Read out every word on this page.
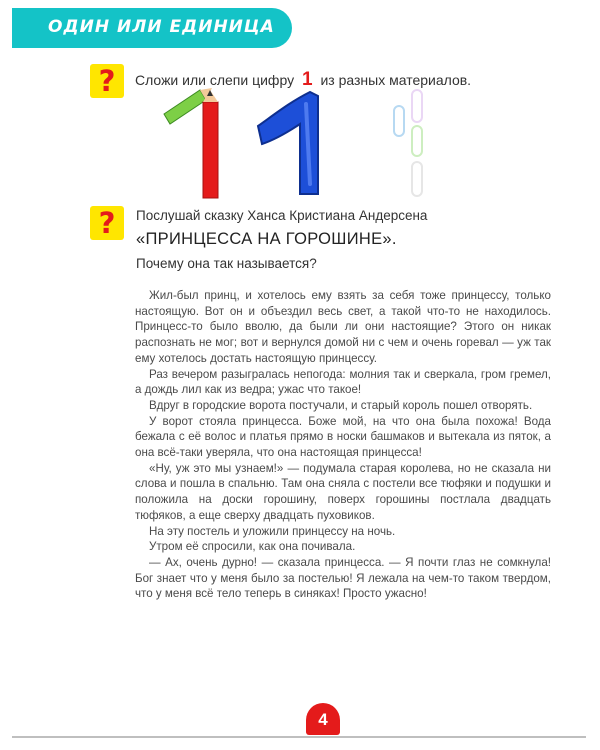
ОДИН ИЛИ ЕДИНИЦА
?	Сложи или слепи цифру 1 из разных материалов.
?	Послушай сказку Ханса Кристиана Андерсена
«ПРИНЦЕССА НА ГОРОШИНЕ».
Почему она так называется?

Жил-был принц, и хотелось ему взять за себя тоже принцессу, только настоящую. Вот он и объездил весь свет, а такой что-то не находилось. Принцесс-то было вволю, да были ли они настоящие? Этого он никак распознать не мог; вот и вернулся домой ни с чем и очень горевал — уж так ему хотелось достать настоящую принцессу.

Раз вечером разыгралась непогода: молния так и сверкала, гром гремел, а дождь лил как из ведра; ужас что такое!

Вдруг в городские ворота постучали, и старый король пошел отворять.

У ворот стояла принцесса. Боже мой, на что она была похожа! Вода бежала с её волос и платья прямо в носки башмаков и вытекала из пяток, а она всё-таки уверяла, что она настоящая принцесса!

«Ну, уж это мы узнаем!» — подумала старая королева, но не сказала ни слова и пошла в спальню. Там она сняла с постели все тюфяки и подушки и положила на доски горошину, поверх горошины постлала двадцать тюфяков, а еще сверху двадцать пуховиков.

На эту постель и уложили принцессу на ночь.

Утром её спросили, как она почивала.

— Ах, очень дурно! — сказала принцесса. — Я почти глаз не сомкнула! Бог знает что у меня было за постелью! Я лежала на чем-то таком твердом, что у меня всё тело теперь в синяках! Просто ужасно!

4
